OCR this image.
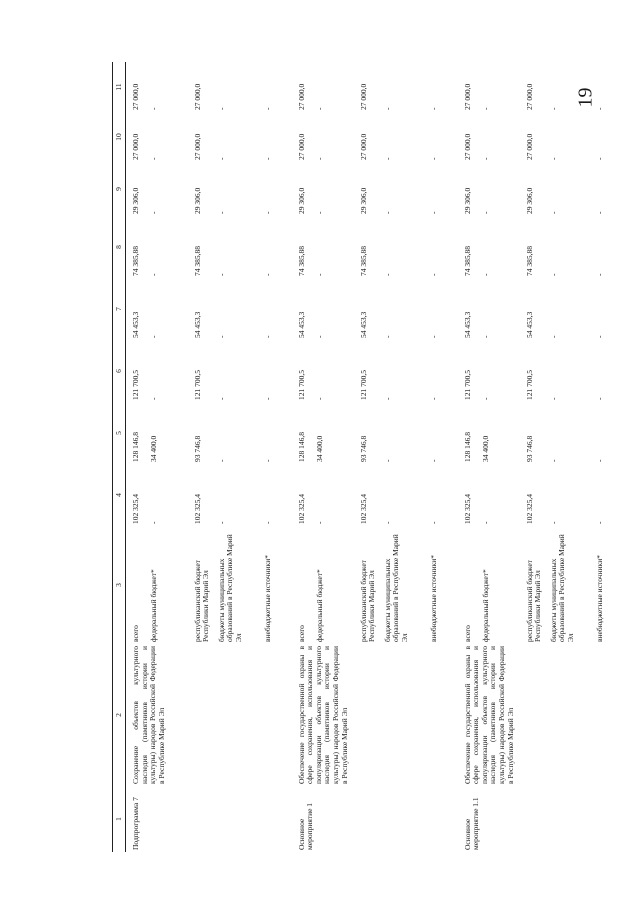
19
1	2	3	4	5	6	7	8	9	10	11
Подпрограмма 7	Сохранение объектов культурного наследия (памятников истории и культуры) народов Российской Федерации в Республике Марий Эл	всего	102 325,4	128 146,8	121 700,5	54 453,3	74 385,88	29 306,0	27 000,0	27 000,0
		федеральный бюджет*	-	34 400,0	-	-	-	-	-	-
		республиканский бюджет Республики Марий Эл	102 325,4	93 746,8	121 700,5	54 453,3	74 385,88	29 306,0	27 000,0	27 000,0
		бюджеты муниципальных образований в Республике Марий Эл	-	-	-	-	-	-	-	-
		внебюджетные источники*	-	-	-	-	-	-	-	-
Основное мероприятие 1	Обеспечение государственной охраны в сфере сохранения, использования и популяризации объектов культурного наследия (памятников истории и культуры) народов Российской Федерации в Республике Марий Эл	всего	102 325,4	128 146,8	121 700,5	54 453,3	74 385,88	29 306,0	27 000,0	27 000,0
		федеральный бюджет*	-	34 400,0	-	-	-	-	-	-
		республиканский бюджет Республики Марий Эл	102 325,4	93 746,8	121 700,5	54 453,3	74 385,88	29 306,0	27 000,0	27 000,0
		бюджеты муниципальных образований в Республике Марий Эл	-	-	-	-	-	-	-	-
		внебюджетные источники*	-	-	-	-	-	-	-	-
Основное мероприятие 1.1	Обеспечение государственной охраны в сфере сохранения, использования и популяризации объектов культурного наследия (памятников истории и культуры) народов Российской Федерации в Республике Марий Эл	всего	102 325,4	128 146,8	121 700,5	54 453,3	74 385,88	29 306,0	27 000,0	27 000,0
		федеральный бюджет*	-	34 400,0	-	-	-	-	-	-
		республиканский бюджет Республики Марий Эл	102 325,4	93 746,8	121 700,5	54 453,3	74 385,88	29 306,0	27 000,0	27 000,0
		бюджеты муниципальных образований в Республике Марий Эл	-	-	-	-	-	-	-	-
		внебюджетные источники*	-	-	-	-	-	-	-	-
